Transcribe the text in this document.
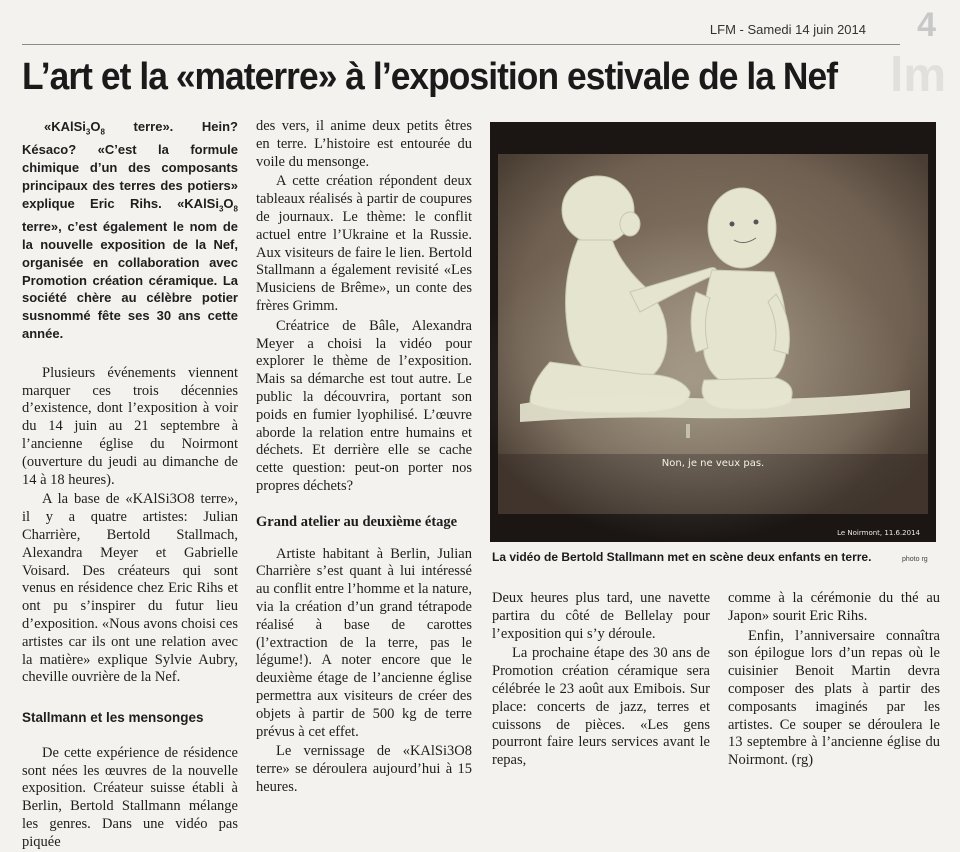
LFM - Samedi 14 juin 2014 4
lm
L’art et la «materre» à l’exposition estivale de la Nef

«$KAlSi_3O_8$ terre». Hein? Késaco? «C’est la formule chimique d’un des composants principaux des terres des potiers» explique Eric Rihs. «$KAlSi_3O_8$ terre», c’est également le nom de la nouvelle exposition de la Nef, organisée en collaboration avec Promotion création céramique. La société chère au célèbre potier susnommé fête ses 30 ans cette année.

Plusieurs événements viennent marquer ces trois décennies d’existence, dont l’exposition à voir du 14 juin au 21 septembre à l’ancienne église du Noirmont (ouverture du jeudi au dimanche de 14 à 18 heures).

A la base de «KAlSi3O8 terre», il y a quatre artistes: Julian Charrière, Bertold Stallmach, Alexandra Meyer et Gabrielle Voisard. Des créateurs qui sont venus en résidence chez Eric Rihs et ont pu s’inspirer du futur lieu d’exposition. «Nous avons choisi ces artistes car ils ont une relation avec la matière» explique Sylvie Aubry, cheville ouvrière de la Nef.

Stallmann et les mensonges

De cette expérience de résidence sont nées les œuvres de la nouvelle exposition. Créateur suisse établi à Berlin, Bertold Stallmann mélange les genres. Dans une vidéo pas piquée

des vers, il anime deux petits êtres en terre. L’histoire est entourée du voile du mensonge.

A cette création répondent deux tableaux réalisés à partir de coupures de journaux. Le thème: le conflit actuel entre l’Ukraine et la Russie. Aux visiteurs de faire le lien. Bertold Stallmann a également revisité «Les Musiciens de Brême», un conte des frères Grimm.

Créatrice de Bâle, Alexandra Meyer a choisi la vidéo pour explorer le thème de l’exposition. Mais sa démarche est tout autre. Le public la découvrira, portant son poids en fumier lyophilisé. L’œuvre aborde la relation entre humains et déchets. Et derrière elle se cache cette question: peut-on porter nos propres déchets?

Grand atelier au deuxième étage

Artiste habitant à Berlin, Julian Charrière s’est quant à lui intéressé au conflit entre l’homme et la nature, via la création d’un grand tétrapode réalisé à base de carottes (l’extraction de la terre, pas le légume!). A noter encore que le deuxième étage de l’ancienne église permettra aux visiteurs de créer des objets à partir de 500 kg de terre prévus à cet effet.

Le vernissage de «KAlSi3O8 terre» se déroulera aujourd’hui à 15 heures.

Non, je ne veux pas.
Le Noirmont, 11.6.2014
La vidéo de Bertold Stallmann met en scène deux enfants en terre.	photo rg

Deux heures plus tard, une navette partira du côté de Bellelay pour l’exposition qui s’y déroule.

La prochaine étape des 30 ans de Promotion création céramique sera célébrée le 23 août aux Emibois. Sur place: concerts de jazz, terres et cuissons de pièces. «Les gens pourront faire leurs services avant le repas,

comme à la cérémonie du thé au Japon» sourit Eric Rihs.

Enfin, l’anniversaire connaîtra son épilogue lors d’un repas où le cuisinier Benoit Martin devra composer des plats à partir des composants imaginés par les artistes. Ce souper se déroulera le 13 septembre à l’ancienne église du Noirmont. (rg)
